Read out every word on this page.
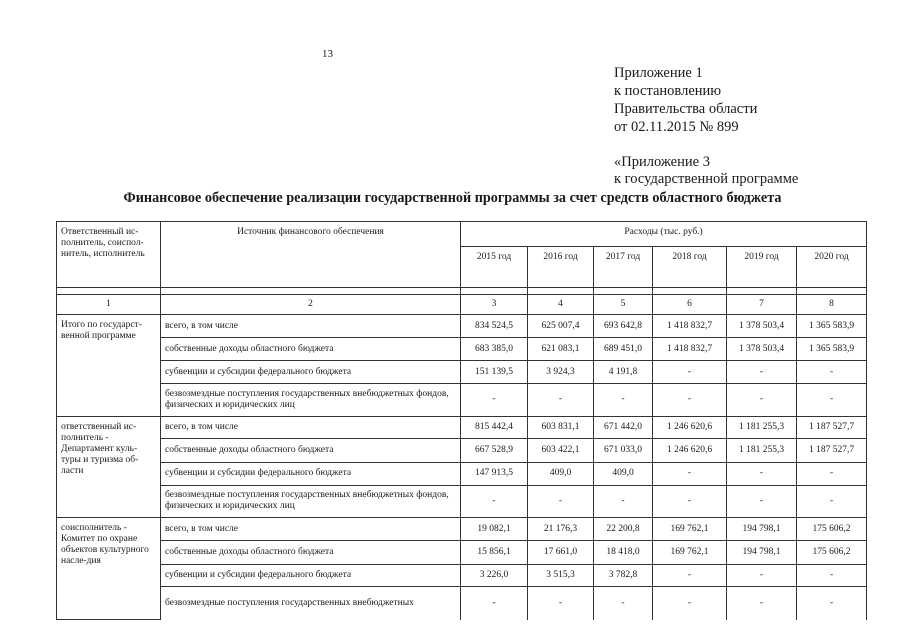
13
Приложение 1
к постановлению
Правительства области
от 02.11.2015 № 899
«Приложение 3
к государственной программе
Финансовое обеспечение реализации государственной программы за счет средств областного бюджета
Ответственный ис-полнитель, соиспол-нитель, исполнитель	Источник финансового обеспечения	Расходы (тыс. руб.)					
		2015 год	2016 год	2017 год	2018 год	2019 год	2020 год

1	2	3	4	5	6	7	8
Итого по государст-венной программе	всего, в том числе	834 524,5	625 007,4	693 642,8	1 418 832,7	1 378 503,4	1 365 583,9
	собственные доходы областного бюджета	683 385,0	621 083,1	689 451,0	1 418 832,7	1 378 503,4	1 365 583,9
	субвенции и субсидии федерального бюджета	151 139,5	3 924,3	4 191,8	-	-	-
	безвозмездные поступления государственных внебюджетных фондов, физических и юридических лиц	-	-	-	-	-	-
ответственный ис-полнитель - Департамент куль-туры и туризма об-ласти	всего, в том числе	815 442,4	603 831,1	671 442,0	1 246 620,6	1 181 255,3	1 187 527,7
	собственные доходы областного бюджета	667 528,9	603 422,1	671 033,0	1 246 620,6	1 181 255,3	1 187 527,7
	субвенции и субсидии федерального бюджета	147 913,5	409,0	409,0	-	-	-
	безвозмездные поступления государственных внебюджетных фондов, физических и юридических лиц	-	-	-	-	-	-
соисполнитель - Комитет по охране объектов культурного насле-дия	всего, в том числе	19 082,1	21 176,3	22 200,8	169 762,1	194 798,1	175 606,2
	собственные доходы областного бюджета	15 856,1	17 661,0	18 418,0	169 762,1	194 798,1	175 606,2
	субвенции и субсидии федерального бюджета	3 226,0	3 515,3	3 782,8	-	-	-
	безвозмездные поступления государственных внебюджетных	-	-	-	-	-	-
